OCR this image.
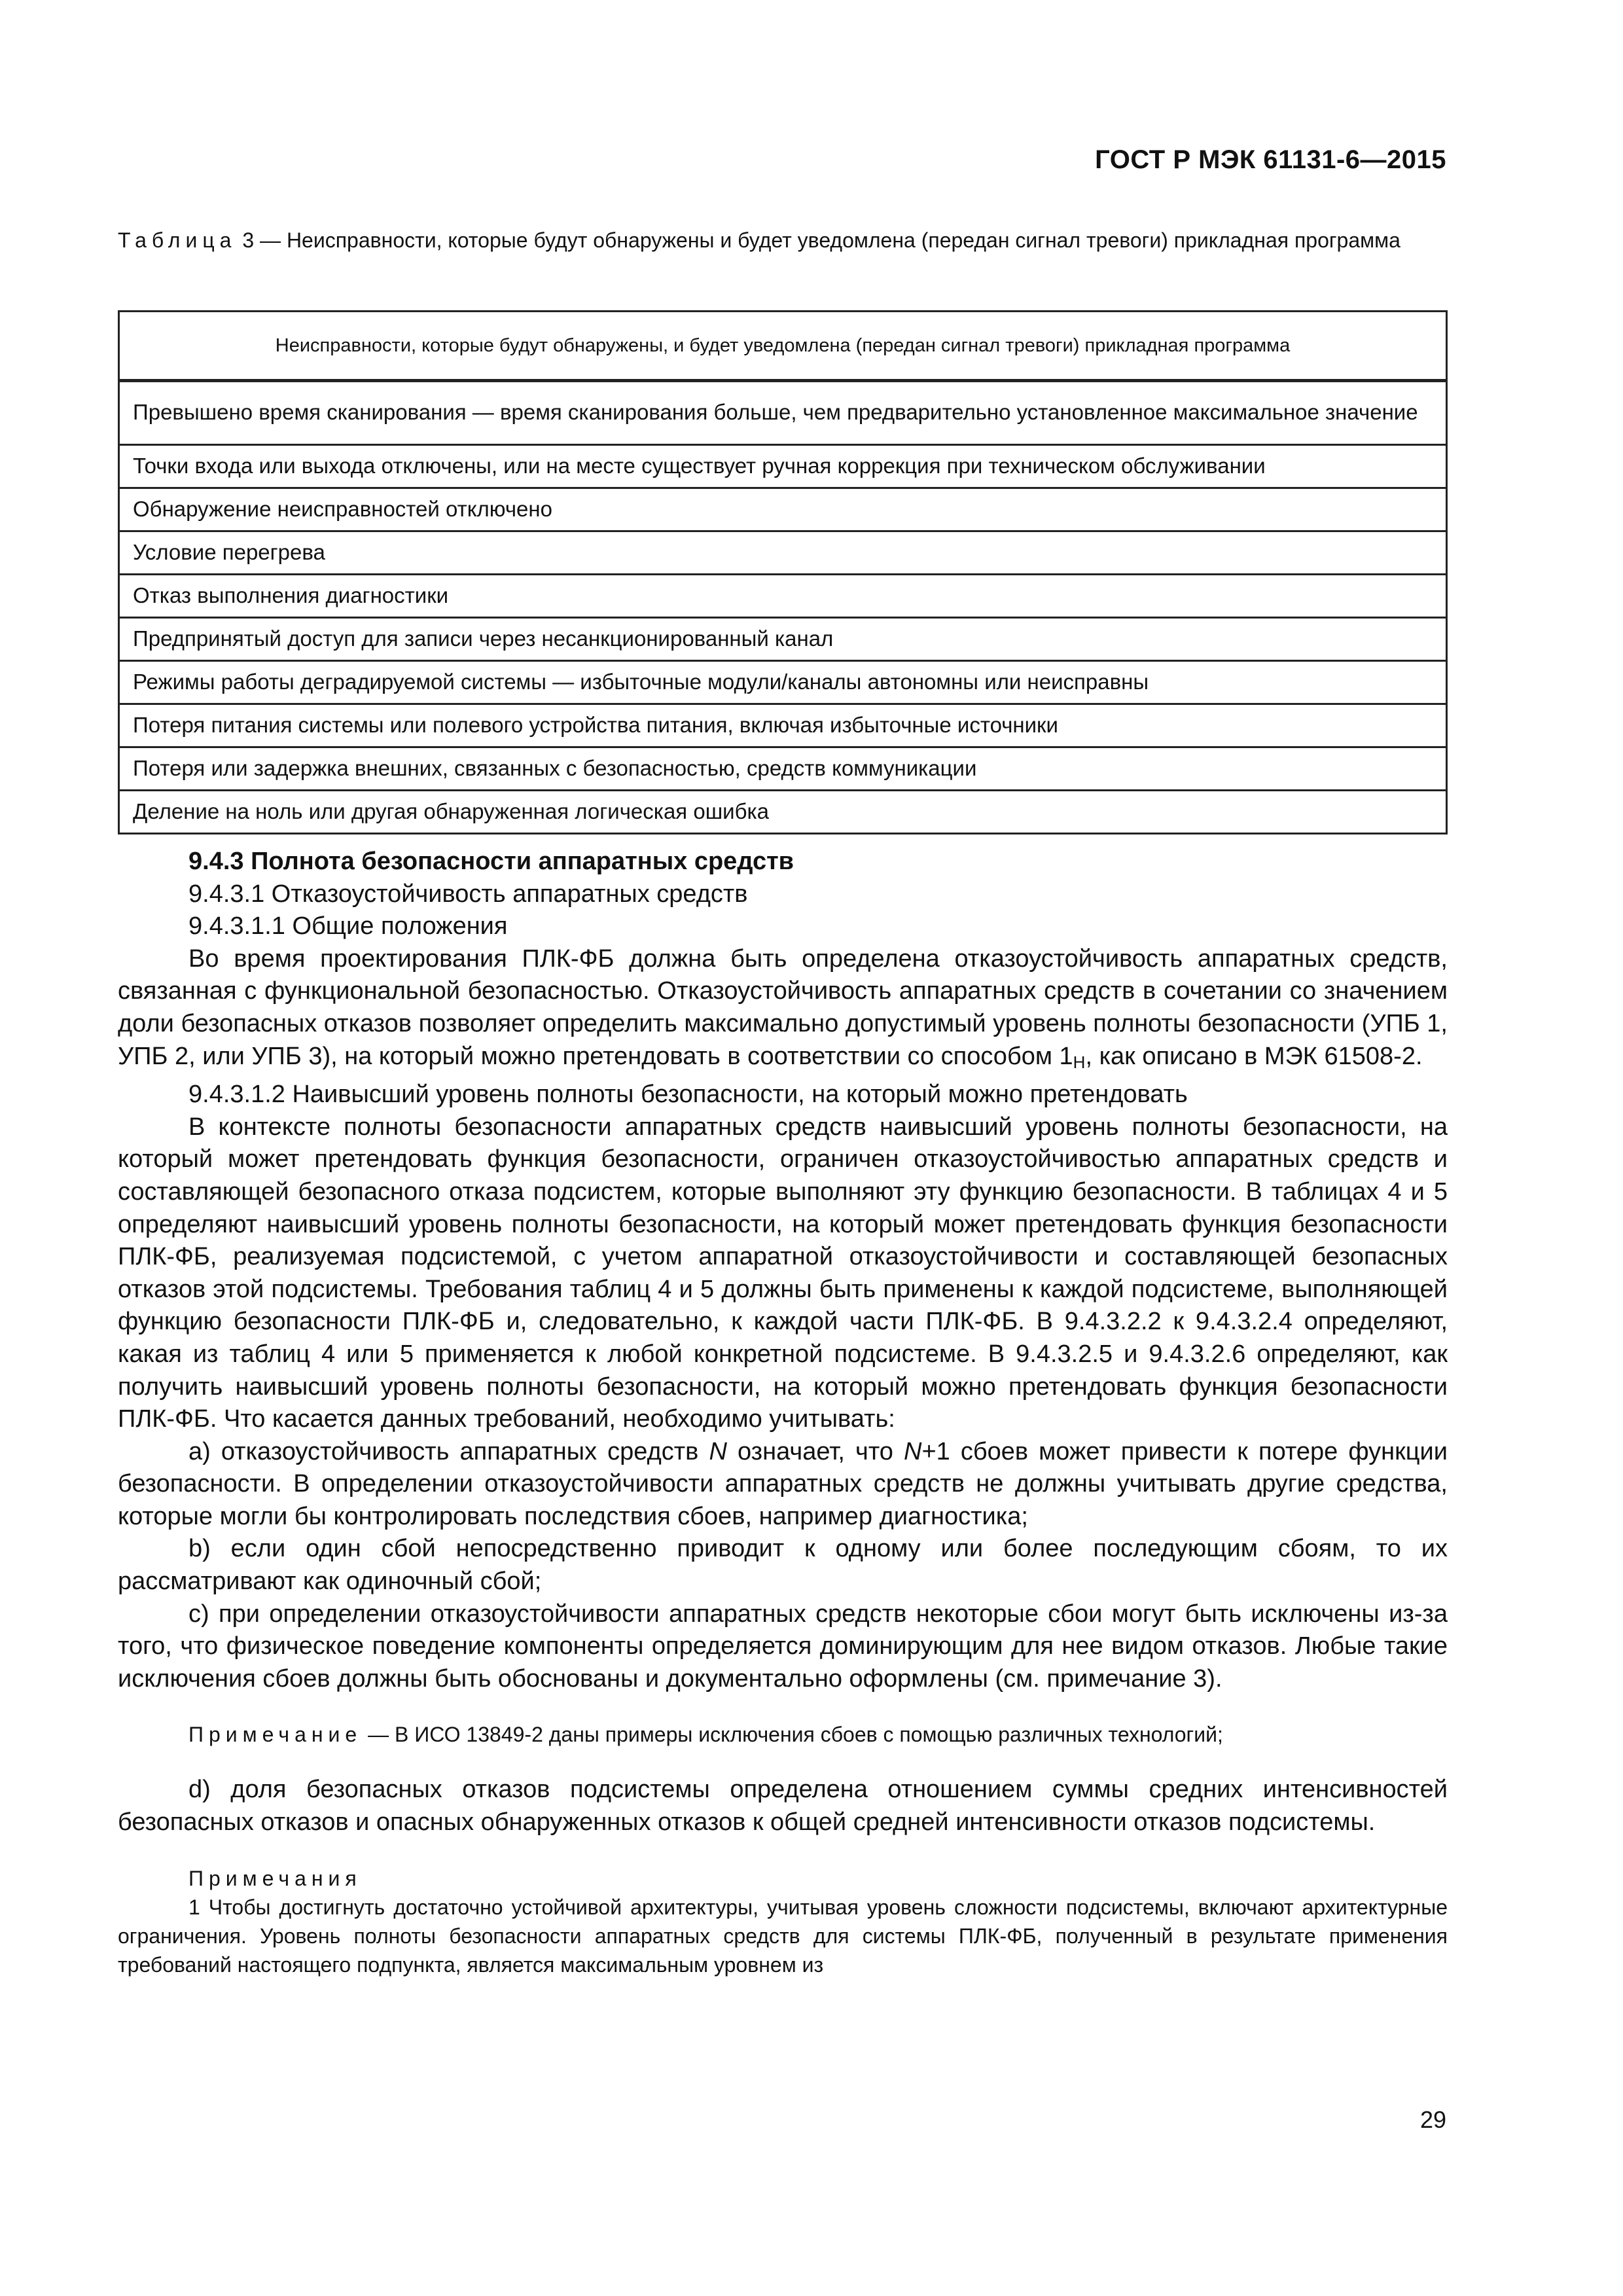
ГОСТ Р МЭК 61131-6—2015
Таблица 3 — Неисправности, которые будут обнаружены и будет уведомлена (передан сигнал тревоги) прикладная программа
Неисправности, которые будут обнаружены, и будет уведомлена (передан сигнал тревоги) прикладная программа
Превышено время сканирования — время сканирования больше, чем предварительно установленное максимальное значение
Точки входа или выхода отключены, или на месте существует ручная коррекция при техническом обслуживании
Обнаружение неисправностей отключено
Условие перегрева
Отказ выполнения диагностики
Предпринятый доступ для записи через несанкционированный канал
Режимы работы деградируемой системы — избыточные модули/каналы автономны или неисправны
Потеря питания системы или полевого устройства питания, включая избыточные источники
Потеря или задержка внешних, связанных с безопасностью, средств коммуникации
Деление на ноль или другая обнаруженная логическая ошибка

9.4.3 Полнота безопасности аппаратных средств

9.4.3.1 Отказоустойчивость аппаратных средств

9.4.3.1.1 Общие положения

Во время проектирования ПЛК-ФБ должна быть определена отказоустойчивость аппаратных средств, связанная с функциональной безопасностью. Отказоустойчивость аппаратных средств в сочетании со значением доли безопасных отказов позволяет определить максимально допустимый уровень полноты безопасности (УПБ 1, УПБ 2, или УПБ 3), на который можно претендовать в соответствии со способом $1_H$, как описано в МЭК 61508-2.

9.4.3.1.2 Наивысший уровень полноты безопасности, на который можно претендовать

В контексте полноты безопасности аппаратных средств наивысший уровень полноты безопасности, на который может претендовать функция безопасности, ограничен отказоустойчивостью аппаратных средств и составляющей безопасного отказа подсистем, которые выполняют эту функцию безопасности. В таблицах 4 и 5 определяют наивысший уровень полноты безопасности, на который может претендовать функция безопасности ПЛК-ФБ, реализуемая подсистемой, с учетом аппаратной отказоустойчивости и составляющей безопасных отказов этой подсистемы. Требования таблиц 4 и 5 должны быть применены к каждой подсистеме, выполняющей функцию безопасности ПЛК-ФБ и, следовательно, к каждой части ПЛК-ФБ. В 9.4.3.2.2 к 9.4.3.2.4 определяют, какая из таблиц 4 или 5 применяется к любой конкретной подсистеме. В 9.4.3.2.5 и 9.4.3.2.6 определяют, как получить наивысший уровень полноты безопасности, на который можно претендовать функция безопасности ПЛК-ФБ. Что касается данных требований, необходимо учитывать:

a) отказоустойчивость аппаратных средств N означает, что N+1 сбоев может привести к потере функции безопасности. В определении отказоустойчивости аппаратных средств не должны учитывать другие средства, которые могли бы контролировать последствия сбоев, например диагностика;

b) если один сбой непосредственно приводит к одному или более последующим сбоям, то их рассматривают как одиночный сбой;

c) при определении отказоустойчивости аппаратных средств некоторые сбои могут быть исключены из-за того, что физическое поведение компоненты определяется доминирующим для нее видом отказов. Любые такие исключения сбоев должны быть обоснованы и документально оформлены (см. примечание 3).

Примечание — В ИСО 13849-2 даны примеры исключения сбоев с помощью различных технологий;

d) доля безопасных отказов подсистемы определена отношением суммы средних интенсивностей безопасных отказов и опасных обнаруженных отказов к общей средней интенсивности отказов подсистемы.

Примечания

1 Чтобы достигнуть достаточно устойчивой архитектуры, учитывая уровень сложности подсистемы, включают архитектурные ограничения. Уровень полноты безопасности аппаратных средств для системы ПЛК-ФБ, полученный в результате применения требований настоящего подпункта, является максимальным уровнем из

29
